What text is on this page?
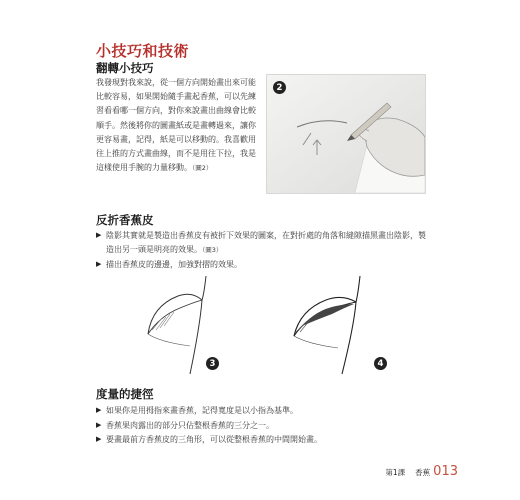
小技巧和技術
翻轉小技巧
我發現對我來說，從一個方向開始畫出來可能比較容易，如果開始隨手畫起香蕉，可以先練習看看哪一個方向，對你來說畫出曲線會比較順手。然後將你的圖畫紙或是畫轉過來，讓你更容易畫，記得，紙是可以移動的。我喜歡用往上推的方式畫曲線，而不是用往下拉，我是這樣使用手腕的力量移動。（圖2）
2
反折香蕉皮
▶ 陰影其實就是製造出香蕉皮有被折下效果的圖案，在對折處的角落和縫隙描黑畫出陰影，製造出另一頭是明亮的效果。（圖3）
▶ 描出香蕉皮的邊邊，加強對摺的效果。
3	4
度量的捷徑
▶ 如果你是用拇指來畫香蕉，記得寬度是以小指為基準。
▶ 香蕉果肉露出的部分只佔整根香蕉的三分之一。
▶ 要畫最前方香蕉皮的三角形，可以從整根香蕉的中間開始畫。
第1課 香蕉 013
